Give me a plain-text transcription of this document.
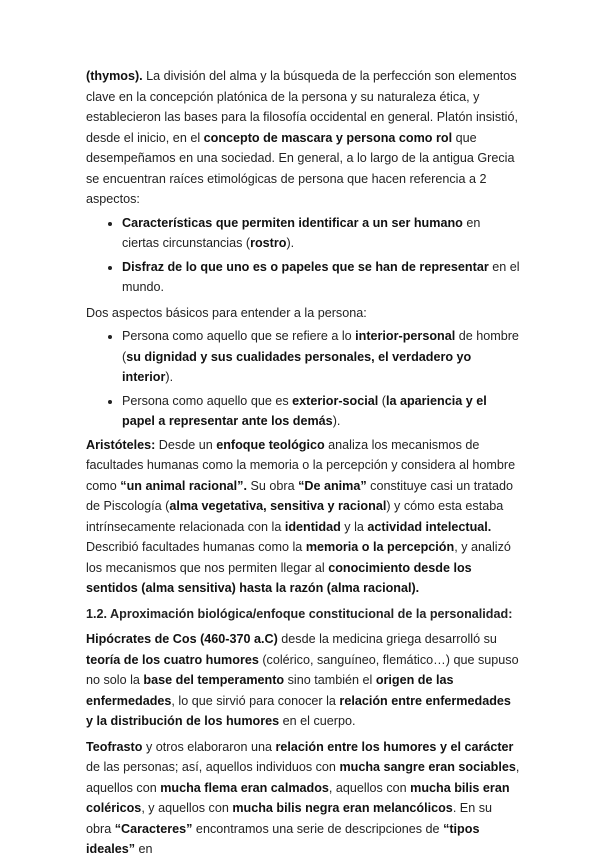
(thymos). La división del alma y la búsqueda de la perfección son elementos clave en la concepción platónica de la persona y su naturaleza ética, y establecieron las bases para la filosofía occidental en general. Platón insistió, desde el inicio, en el concepto de mascara y persona como rol que desempeñamos en una sociedad. En general, a lo largo de la antigua Grecia se encuentran raíces etimológicas de persona que hacen referencia a 2 aspectos:

• Características que permiten identificar a un ser humano en ciertas circunstancias (rostro).
• Disfraz de lo que uno es o papeles que se han de representar en el mundo.

Dos aspectos básicos para entender a la persona:

• Persona como aquello que se refiere a lo interior-personal de hombre (su dignidad y sus cualidades personales, el verdadero yo interior).
• Persona como aquello que es exterior-social (la apariencia y el papel a representar ante los demás).

Aristóteles: Desde un enfoque teológico analiza los mecanismos de facultades humanas como la memoria o la percepción y considera al hombre como “un animal racional”. Su obra “De anima” constituye casi un tratado de Piscología (alma vegetativa, sensitiva y racional) y cómo esta estaba intrínsecamente relacionada con la identidad y la actividad intelectual. Describió facultades humanas como la memoria o la percepción, y analizó los mecanismos que nos permiten llegar al conocimiento desde los sentidos (alma sensitiva) hasta la razón (alma racional).

1.2. Aproximación biológica/enfoque constitucional de la personalidad:

Hipócrates de Cos (460-370 a.C) desde la medicina griega desarrolló su teoría de los cuatro humores (colérico, sanguíneo, flemático…) que supuso no solo la base del temperamento sino también el origen de las enfermedades, lo que sirvió para conocer la relación entre enfermedades y la distribución de los humores en el cuerpo.

Teofrasto y otros elaboraron una relación entre los humores y el carácter de las personas; así, aquellos individuos con mucha sangre eran sociables, aquellos con mucha flema eran calmados, aquellos con mucha bilis eran coléricos, y aquellos con mucha bilis negra eran melancólicos. En su obra “Caracteres” encontramos una serie de descripciones de “tipos ideales” en
